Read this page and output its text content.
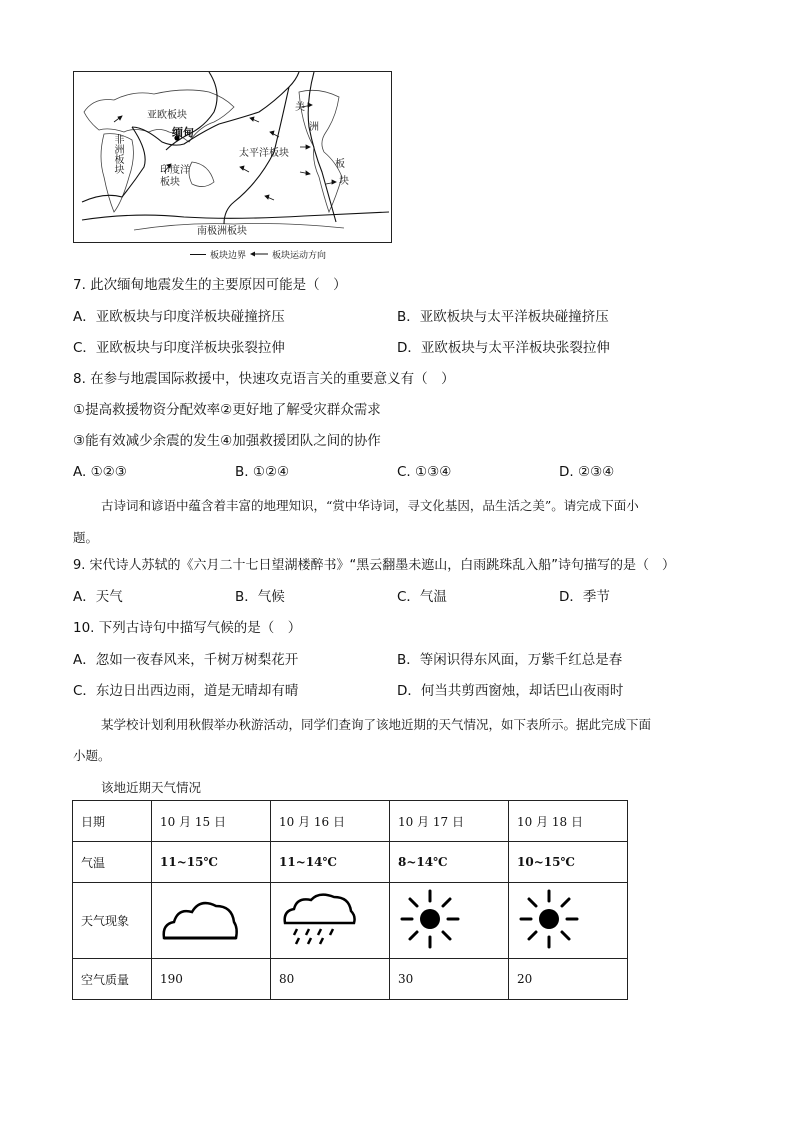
亚欧板块
缅甸
非洲板块	印度洋板块
太平洋板块
美
洲
板
块
南极洲板块
板块边界	板块运动方向
7. 此次缅甸地震发生的主要原因可能是（　）
A．亚欧板块与印度洋板块碰撞挤压	B．亚欧板块与太平洋板块碰撞挤压
C．亚欧板块与印度洋板块张裂拉伸	D．亚欧板块与太平洋板块张裂拉伸
8. 在参与地震国际救援中，快速攻克语言关的重要意义有（　）
①提高救援物资分配效率②更好地了解受灾群众需求
③能有效减少余震的发生④加强救援团队之间的协作
A. ①②③	B. ①②④	C. ①③④	D. ②③④
古诗词和谚语中蕴含着丰富的地理知识，“赏中华诗词，寻文化基因，品生活之美”。请完成下面小
题。
9. 宋代诗人苏轼的《六月二十七日望湖楼醉书》“黑云翻墨未遮山，白雨跳珠乱入船”诗句描写的是（　）
A．天气	B．气候	C．气温	D．季节
10. 下列古诗句中描写气候的是（　）
A．忽如一夜春风来，千树万树梨花开	B．等闲识得东风面，万紫千红总是春
C．东边日出西边雨，道是无晴却有晴	D．何当共剪西窗烛，却话巴山夜雨时
某学校计划利用秋假举办秋游活动，同学们查询了该地近期的天气情况，如下表所示。据此完成下面
小题。
该地近期天气情况
日期	10 月 15 日	10 月 16 日	10 月 17 日	10 月 18 日
气温	11~15℃	11~14℃	8~14℃	10~15℃
天气现象				
空气质量	190	80	30	20
